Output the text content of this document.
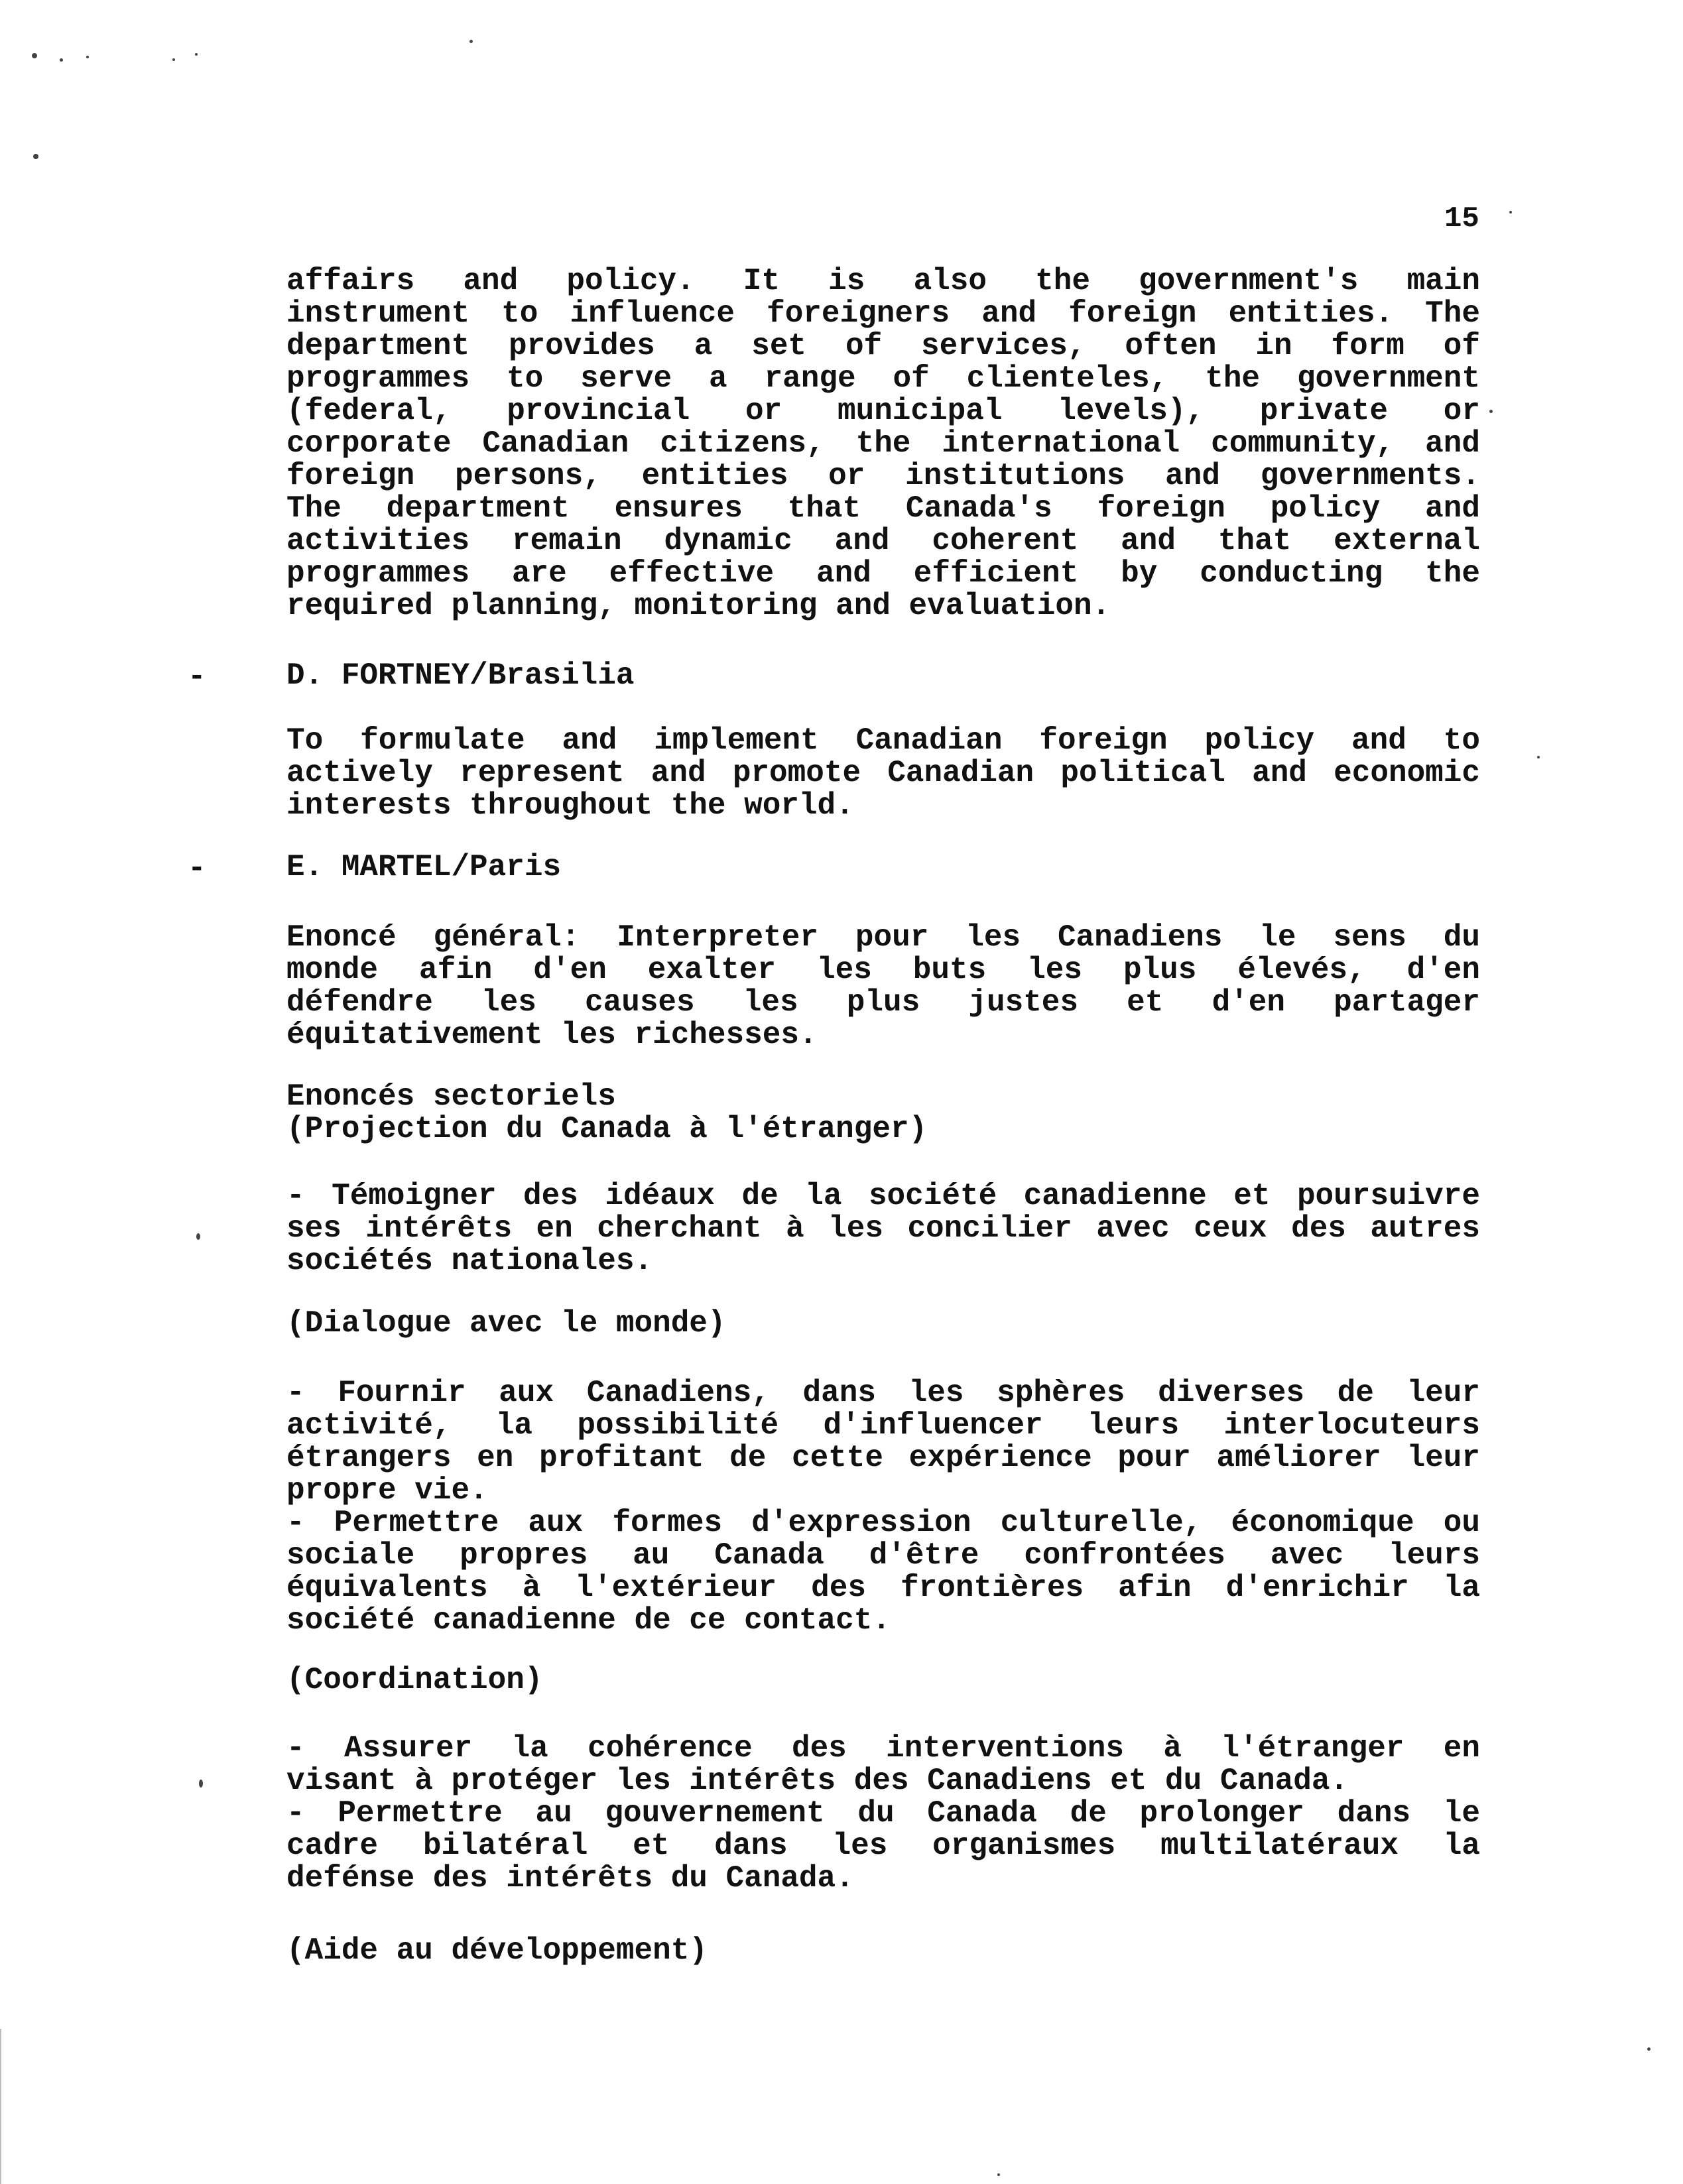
15
affairs and policy. It is also the government's main
instrument to influence foreigners and foreign entities. The
department provides a set of services, often in form of
programmes to serve a range of clienteles, the government
(federal, provincial or municipal levels), private or
corporate Canadian citizens, the international community, and
foreign persons, entities or institutions and governments.
The department ensures that Canada's foreign policy and
activities remain dynamic and coherent and that external
programmes are effective and efficient by conducting the
required planning, monitoring and evaluation.
-	D. FORTNEY/Brasilia
To formulate and implement Canadian foreign policy and to
actively represent and promote Canadian political and economic
interests throughout the world.
-	E. MARTEL/Paris
Enoncé général: Interpreter pour les Canadiens le sens du
monde afin d'en exalter les buts les plus élevés, d'en
défendre les causes les plus justes et d'en partager
équitativement les richesses.
Enoncés sectoriels
(Projection du Canada à l'étranger)
- Témoigner des idéaux de la société canadienne et poursuivre
ses intérêts en cherchant à les concilier avec ceux des autres
sociétés nationales.
(Dialogue avec le monde)
- Fournir aux Canadiens, dans les sphères diverses de leur
activité, la possibilité d'influencer leurs interlocuteurs
étrangers en profitant de cette expérience pour améliorer leur
propre vie.
- Permettre aux formes d'expression culturelle, économique ou
sociale propres au Canada d'être confrontées avec leurs
équivalents à l'extérieur des frontières afin d'enrichir la
société canadienne de ce contact.
(Coordination)
- Assurer la cohérence des interventions à l'étranger en
visant à protéger les intérêts des Canadiens et du Canada.
- Permettre au gouvernement du Canada de prolonger dans le
cadre bilatéral et dans les organismes multilatéraux la
defénse des intérêts du Canada.
(Aide au développement)
